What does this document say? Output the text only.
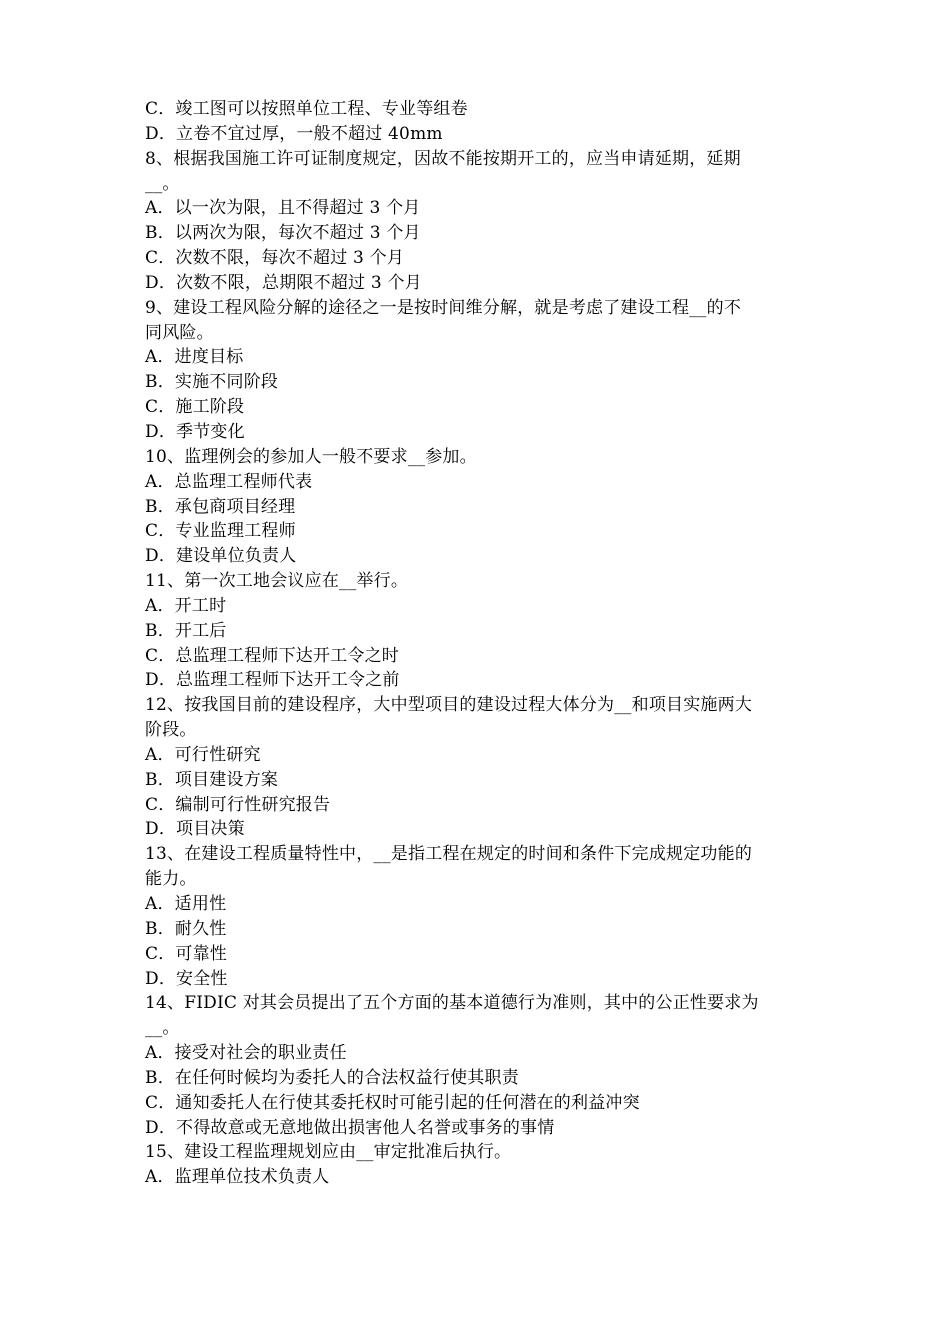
C．竣工图可以按照单位工程、专业等组卷
D．立卷不宜过厚，一般不超过 40mm
8、根据我国施工许可证制度规定，因故不能按期开工的，应当申请延期，延期
__。
A．以一次为限，且不得超过 3 个月
B．以两次为限，每次不超过 3 个月
C．次数不限，每次不超过 3 个月
D．次数不限，总期限不超过 3 个月
9、建设工程风险分解的途径之一是按时间维分解，就是考虑了建设工程__的不
同风险。
A．进度目标
B．实施不同阶段
C．施工阶段
D．季节变化
10、监理例会的参加人一般不要求__参加。
A．总监理工程师代表
B．承包商项目经理
C．专业监理工程师
D．建设单位负责人
11、第一次工地会议应在__举行。
A．开工时
B．开工后
C．总监理工程师下达开工令之时
D．总监理工程师下达开工令之前
12、按我国目前的建设程序，大中型项目的建设过程大体分为__和项目实施两大
阶段。
A．可行性研究
B．项目建设方案
C．编制可行性研究报告
D．项目决策
13、在建设工程质量特性中，__是指工程在规定的时间和条件下完成规定功能的
能力。
A．适用性
B．耐久性
C．可靠性
D．安全性
14、FIDIC 对其会员提出了五个方面的基本道德行为准则，其中的公正性要求为
__。
A．接受对社会的职业责任
B．在任何时候均为委托人的合法权益行使其职责
C．通知委托人在行使其委托权时可能引起的任何潜在的利益冲突
D．不得故意或无意地做出损害他人名誉或事务的事情
15、建设工程监理规划应由__审定批准后执行。
A．监理单位技术负责人
